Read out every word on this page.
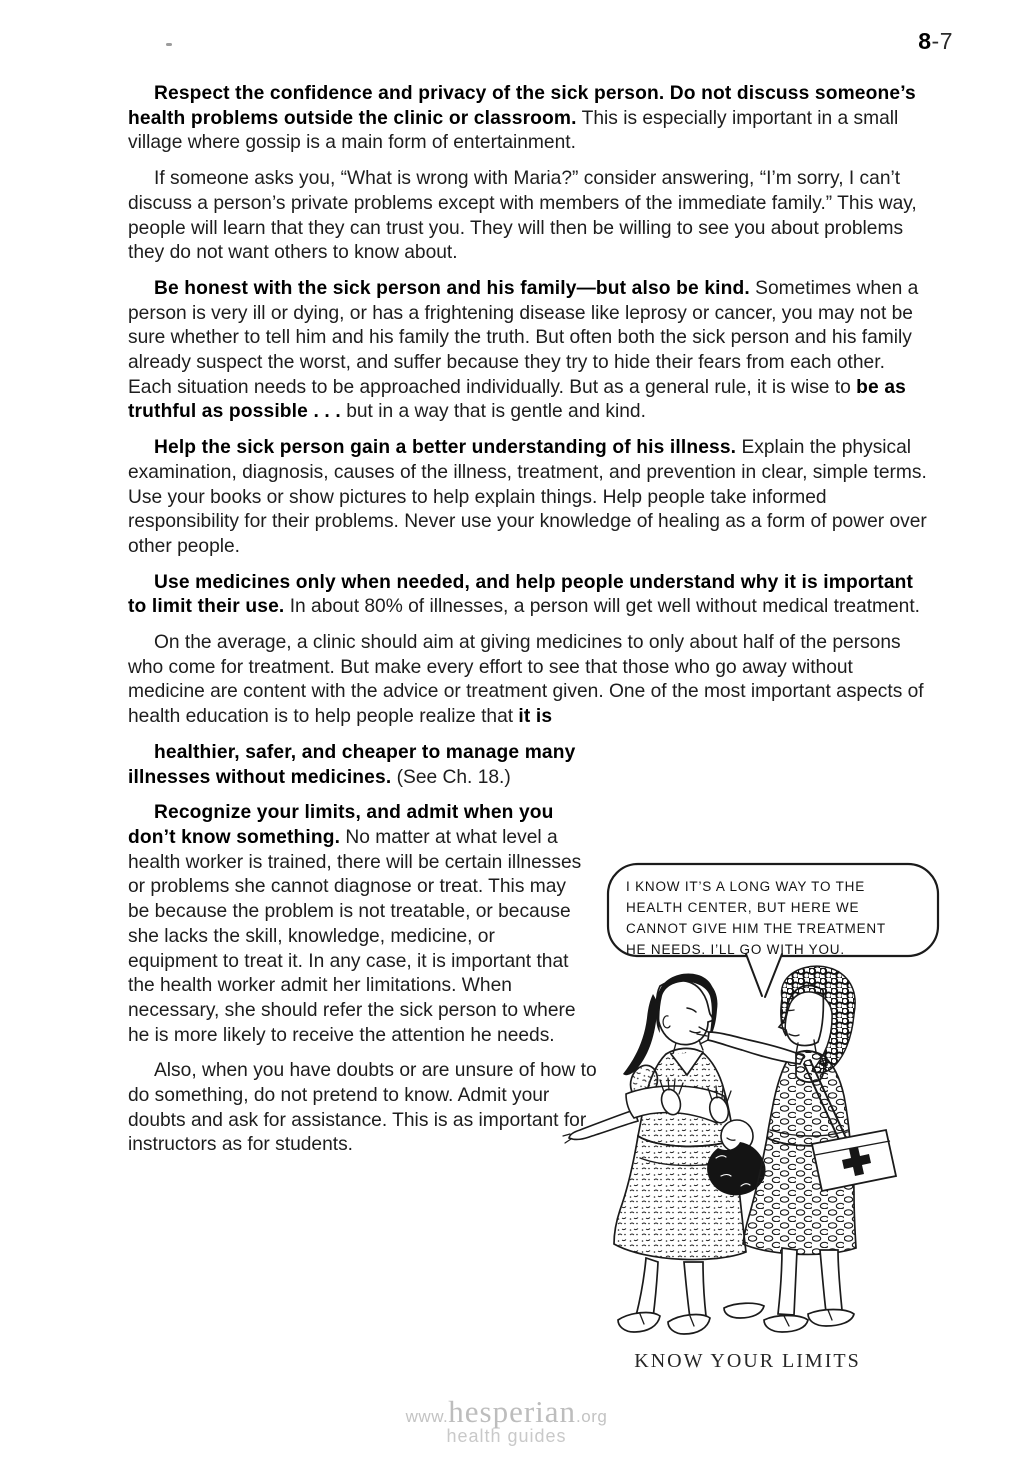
8-7

Respect the confidence and privacy of the sick person. Do not discuss someone’s health problems outside the clinic or classroom. This is especially important in a small village where gossip is a main form of entertainment.

If someone asks you, “What is wrong with Maria?” consider answering, “I’m sorry, I can’t discuss a person’s private problems except with members of the immediate family.” This way, people will learn that they can trust you. They will then be willing to see you about problems they do not want others to know about.

Be honest with the sick person and his family—but also be kind. Sometimes when a person is very ill or dying, or has a frightening disease like leprosy or cancer, you may not be sure whether to tell him and his family the truth. But often both the sick person and his family already suspect the worst, and suffer because they try to hide their fears from each other. Each situation needs to be approached individually. But as a general rule, it is wise to be as truthful as possible . . . but in a way that is gentle and kind.

Help the sick person gain a better understanding of his illness. Explain the physical examination, diagnosis, causes of the illness, treatment, and prevention in clear, simple terms. Use your books or show pictures to help explain things. Help people take informed responsibility for their problems. Never use your knowledge of healing as a form of power over other people.

Use medicines only when needed, and help people understand why it is important to limit their use. In about 80% of illnesses, a person will get well without medical treatment.

On the average, a clinic should aim at giving medicines to only about half of the persons who come for treatment. But make every effort to see that those who go away without medicine are content with the advice or treatment given. One of the most important aspects of health education is to help people realize that it is

healthier, safer, and cheaper to manage many illnesses without medicines. (See Ch. 18.)

Recognize your limits, and admit when you don’t know something. No matter at what level a health worker is trained, there will be certain illnesses or problems she cannot diagnose or treat. This may be because the problem is not treatable, or because she lacks the skill, knowledge, medicine, or equipment to treat it. In any case, it is important that the health worker admit her limitations. When necessary, she should refer the sick person to where he is more likely to receive the attention he needs.

Also, when you have doubts or are unsure of how to do something, do not pretend to know. Admit your doubts and ask for assistance. This is as important for instructors as for students.

I KNOW IT’S A LONG WAY TO THE
HEALTH CENTER, BUT HERE WE
CANNOT GIVE HIM THE TREATMENT
HE NEEDS. I’LL GO WITH YOU.
KNOW YOUR LIMITS
www.hesperian.org
health guides
